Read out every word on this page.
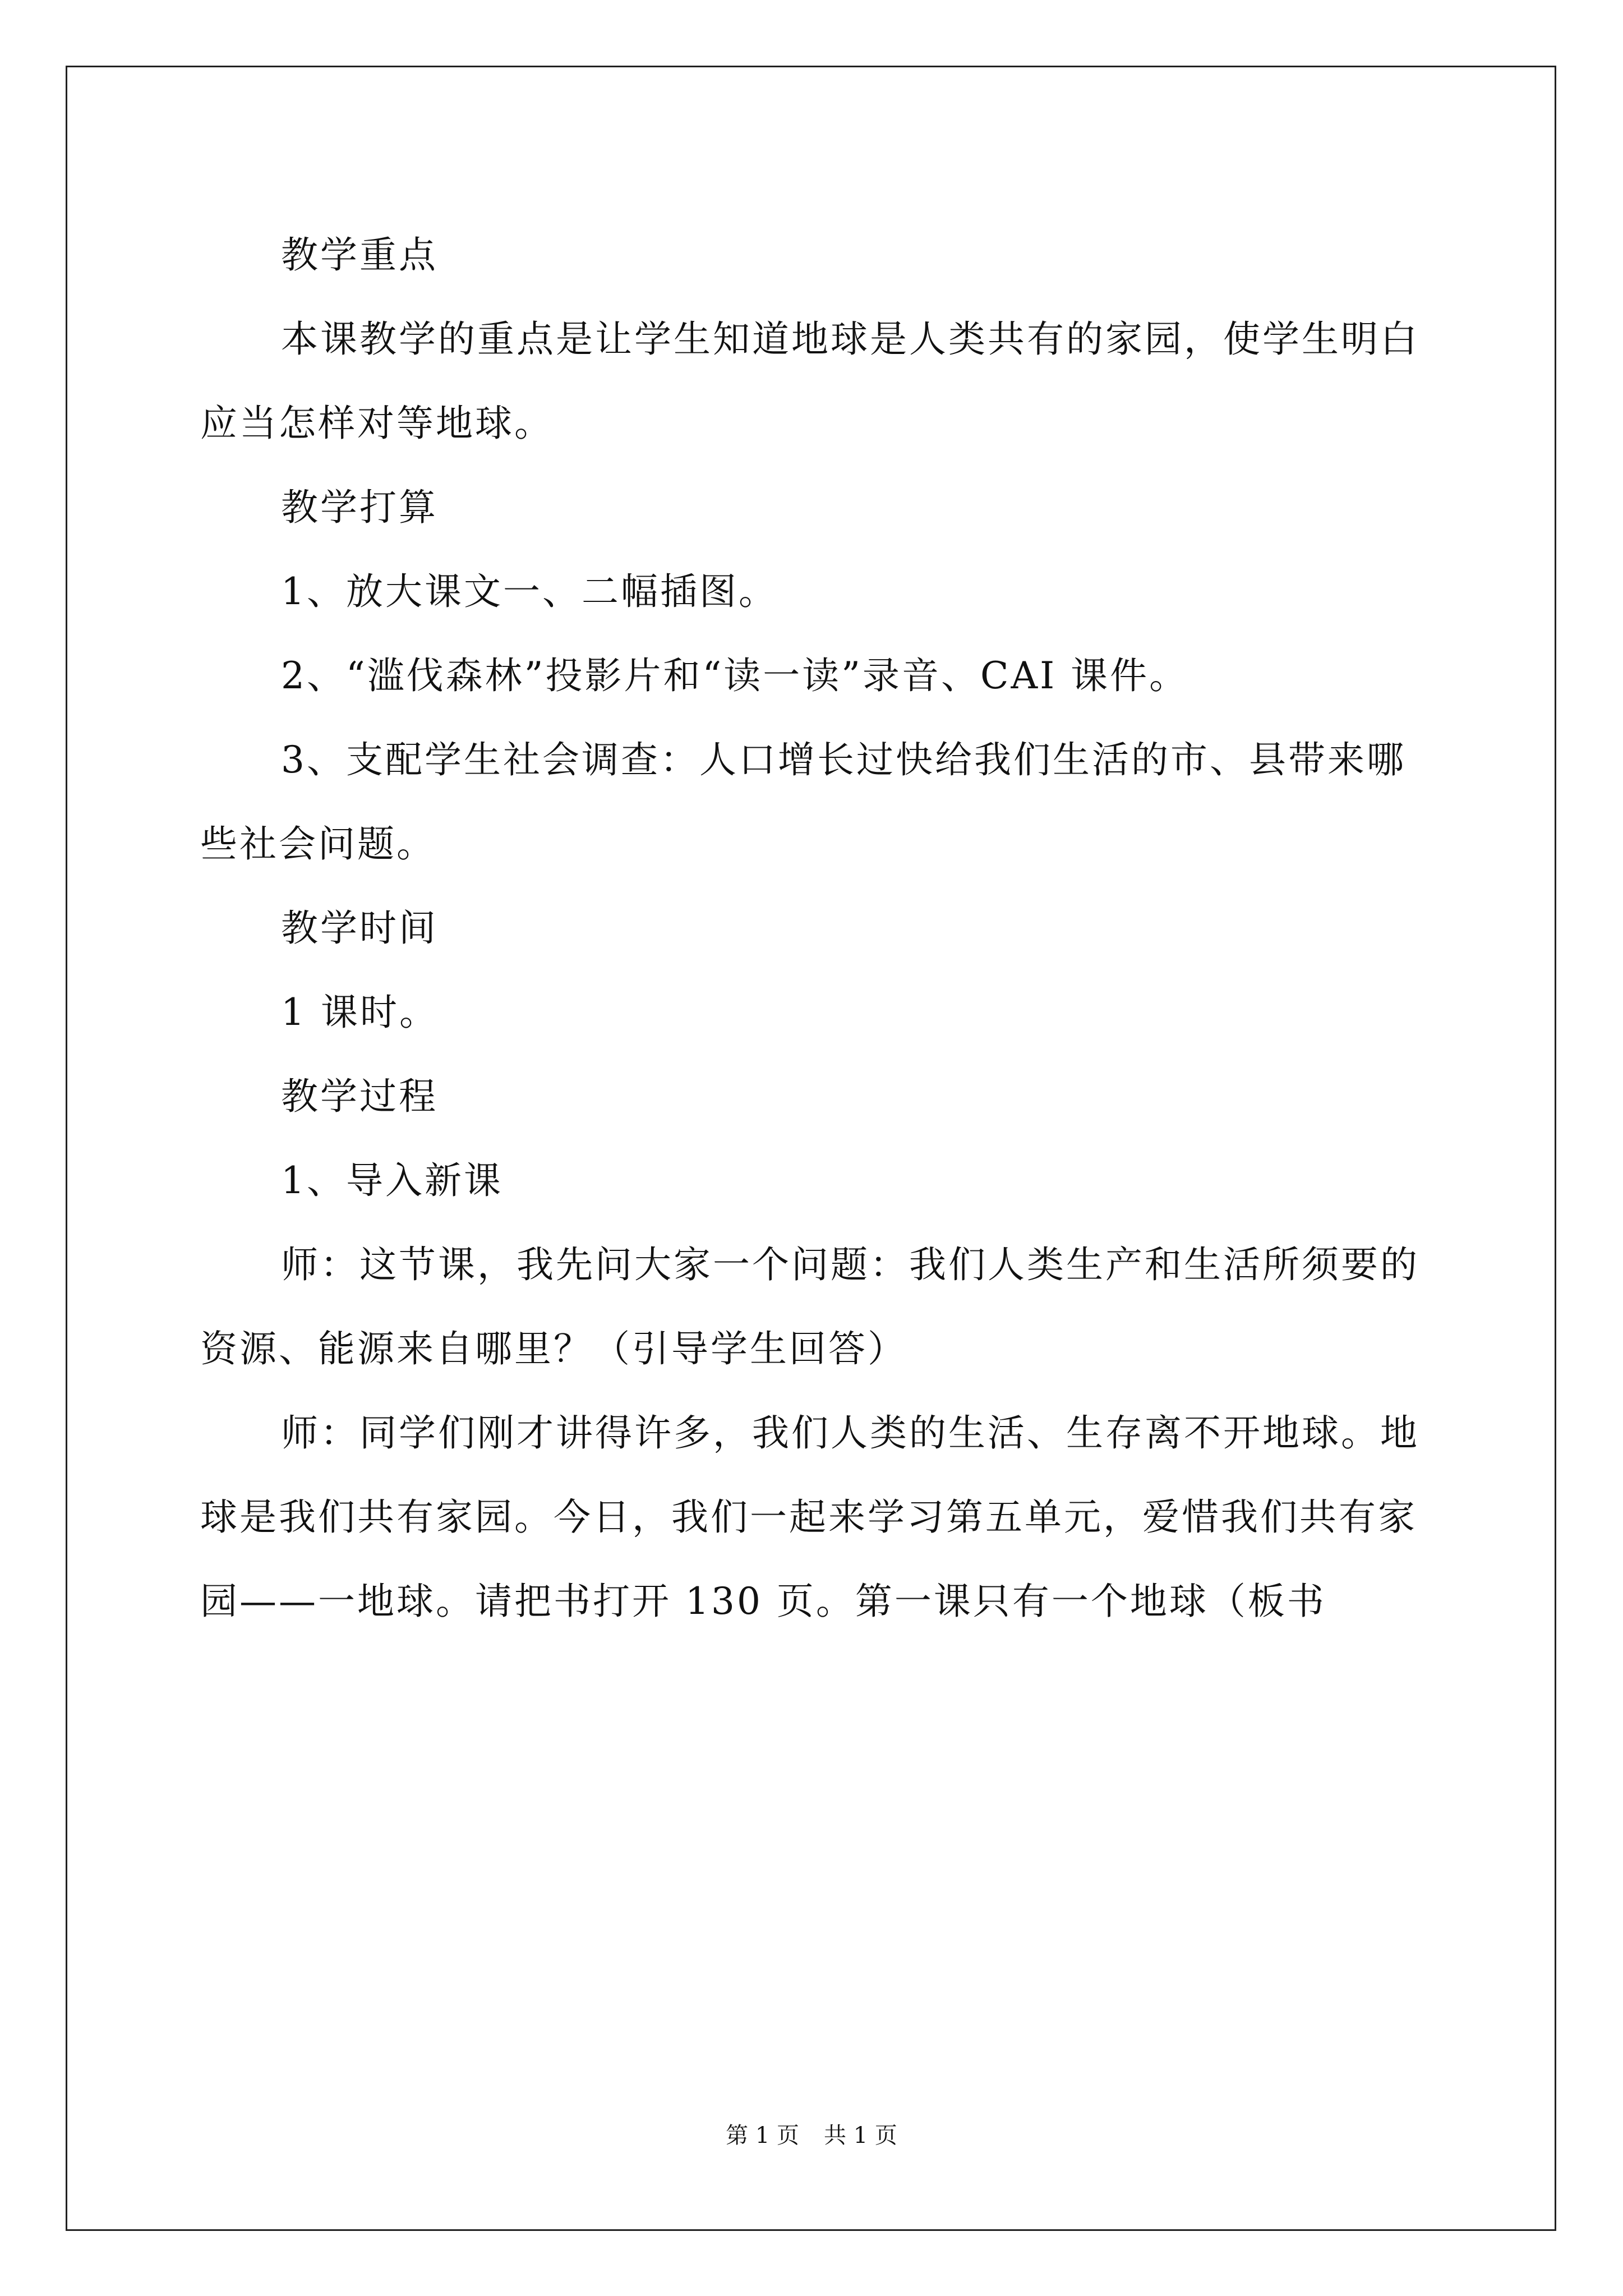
教学重点

本课教学的重点是让学生知道地球是人类共有的家园，使学生明白应当怎样对等地球。

教学打算

1、放大课文一、二幅插图。

2、“滥伐森林”投影片和“读一读”录音、CAI 课件。

3、支配学生社会调查：人口增长过快给我们生活的市、县带来哪些社会问题。

教学时间

1 课时。

教学过程

1、导入新课

师：这节课，我先问大家一个问题：我们人类生产和生活所须要的资源、能源来自哪里？（引导学生回答）

师：同学们刚才讲得许多，我们人类的生活、生存离不开地球。地球是我们共有家园。今日，我们一起来学习第五单元，爱惜我们共有家园——一地球。请把书打开 130 页。第一课只有一个地球（板书

第 1 页 共 1 页
